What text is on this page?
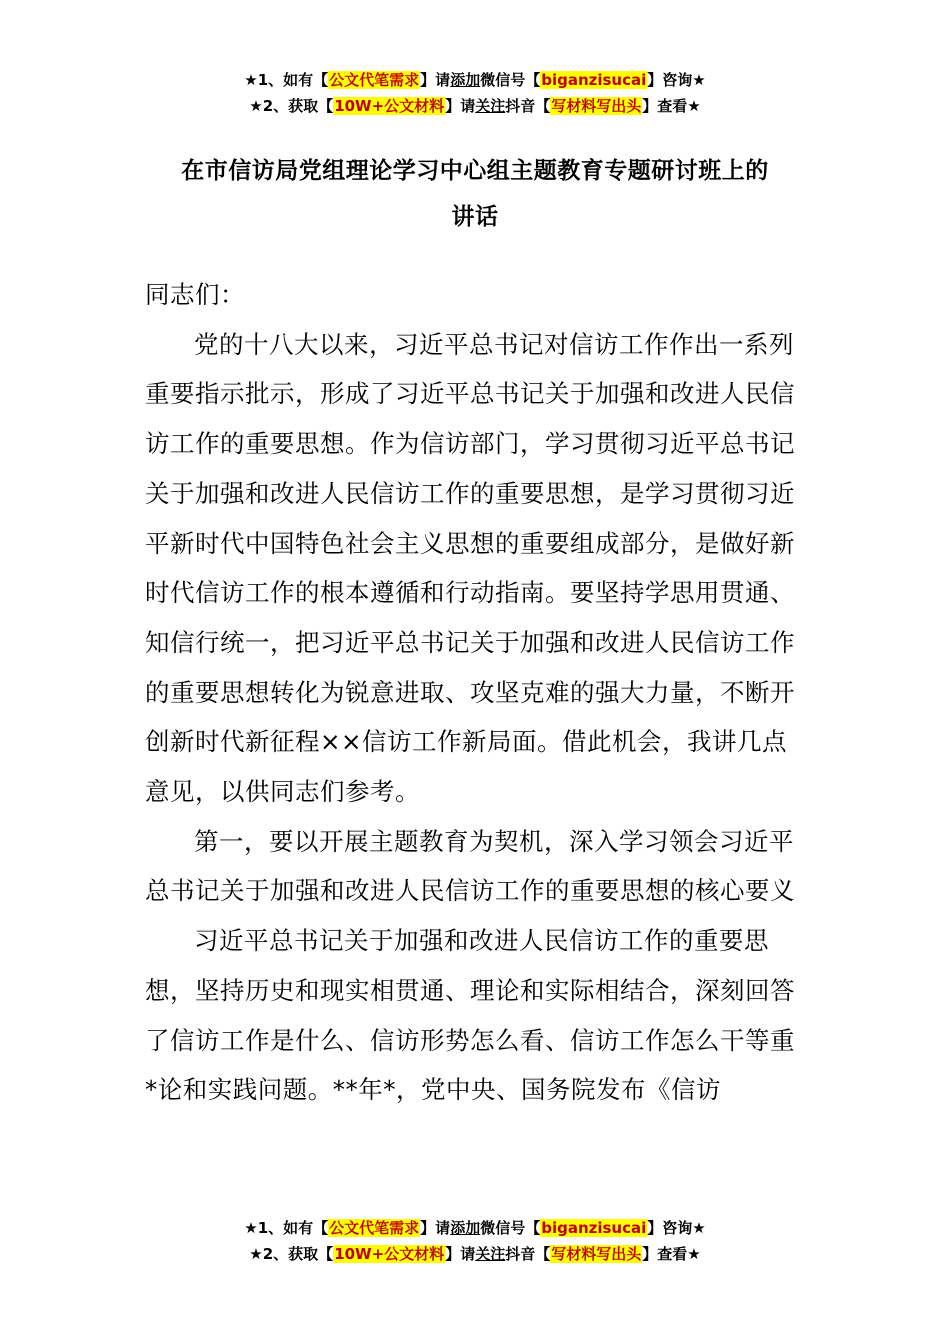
★1、如有【公文代笔需求】请添加微信号【biganzisucai】咨询★
★2、获取【10W+公文材料】请关注抖音【写材料写出头】查看★
在市信访局党组理论学习中心组主题教育专题研讨班上的
讲话

同志们：

党的十八大以来，习近平总书记对信访工作作出一系列重要指示批示，形成了习近平总书记关于加强和改进人民信访工作的重要思想。作为信访部门，学习贯彻习近平总书记关于加强和改进人民信访工作的重要思想，是学习贯彻习近平新时代中国特色社会主义思想的重要组成部分，是做好新时代信访工作的根本遵循和行动指南。要坚持学思用贯通、知信行统一，把习近平总书记关于加强和改进人民信访工作的重要思想转化为锐意进取、攻坚克难的强大力量，不断开创新时代新征程××信访工作新局面。借此机会，我讲几点意见，以供同志们参考。

第一，要以开展主题教育为契机，深入学习领会习近平总书记关于加强和改进人民信访工作的重要思想的核心要义

习近平总书记关于加强和改进人民信访工作的重要思想，坚持历史和现实相贯通、理论和实际相结合，深刻回答了信访工作是什么、信访形势怎么看、信访工作怎么干等重*论和实践问题。**年*，党中央、国务院发布《信访

★1、如有【公文代笔需求】请添加微信号【biganzisucai】咨询★
★2、获取【10W+公文材料】请关注抖音【写材料写出头】查看★
